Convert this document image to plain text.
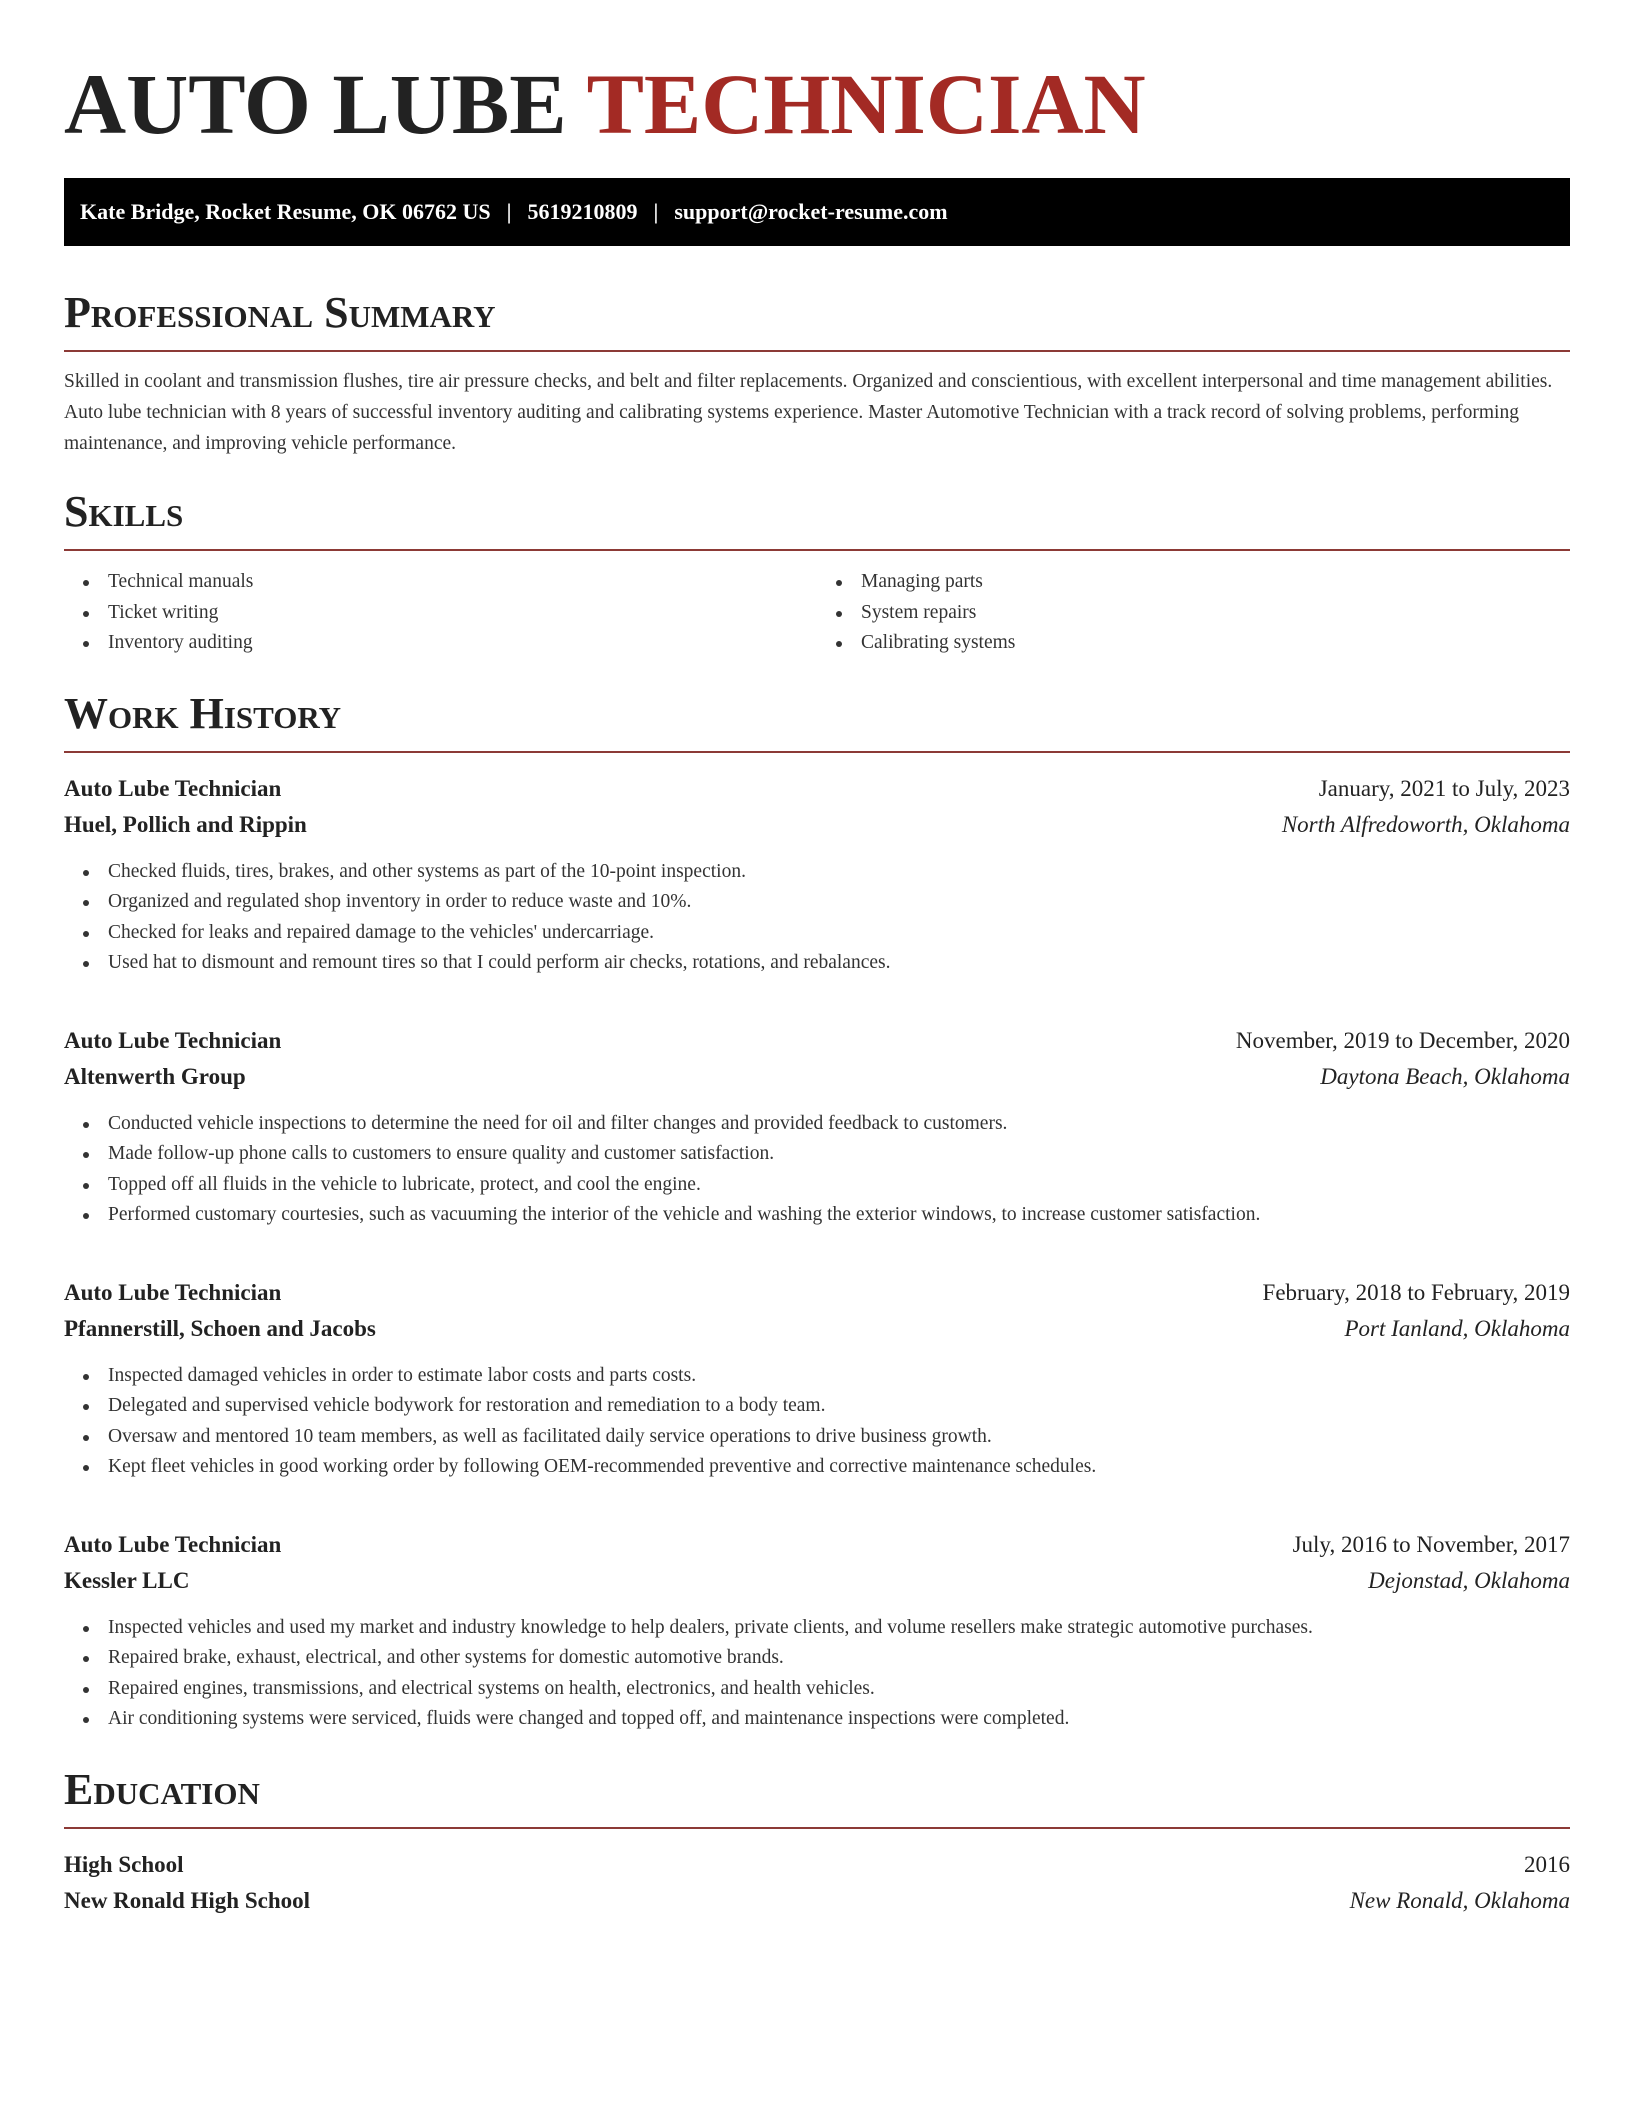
AUTO LUBE TECHNICIAN
Kate Bridge, Rocket Resume, OK 06762 US | 5619210809 | support@rocket-resume.com
Professional Summary

Skilled in coolant and transmission flushes, tire air pressure checks, and belt and filter replacements. Organized and conscientious, with excellent interpersonal and time management abilities. Auto lube technician with 8 years of successful inventory auditing and calibrating systems experience. Master Automotive Technician with a track record of solving problems, performing maintenance, and improving vehicle performance.

Skills
Technical manuals
Ticket writing
Inventory auditing
Managing parts
System repairs
Calibrating systems
Work History
Auto Lube Technician	January, 2021 to July, 2023
Huel, Pollich and Rippin	North Alfredoworth, Oklahoma
Checked fluids, tires, brakes, and other systems as part of the 10-point inspection.
Organized and regulated shop inventory in order to reduce waste and 10%.
Checked for leaks and repaired damage to the vehicles' undercarriage.
Used hat to dismount and remount tires so that I could perform air checks, rotations, and rebalances.
Auto Lube Technician	November, 2019 to December, 2020
Altenwerth Group	Daytona Beach, Oklahoma
Conducted vehicle inspections to determine the need for oil and filter changes and provided feedback to customers.
Made follow-up phone calls to customers to ensure quality and customer satisfaction.
Topped off all fluids in the vehicle to lubricate, protect, and cool the engine.
Performed customary courtesies, such as vacuuming the interior of the vehicle and washing the exterior windows, to increase customer satisfaction.
Auto Lube Technician	February, 2018 to February, 2019
Pfannerstill, Schoen and Jacobs	Port Ianland, Oklahoma
Inspected damaged vehicles in order to estimate labor costs and parts costs.
Delegated and supervised vehicle bodywork for restoration and remediation to a body team.
Oversaw and mentored 10 team members, as well as facilitated daily service operations to drive business growth.
Kept fleet vehicles in good working order by following OEM-recommended preventive and corrective maintenance schedules.
Auto Lube Technician	July, 2016 to November, 2017
Kessler LLC	Dejonstad, Oklahoma
Inspected vehicles and used my market and industry knowledge to help dealers, private clients, and volume resellers make strategic automotive purchases.
Repaired brake, exhaust, electrical, and other systems for domestic automotive brands.
Repaired engines, transmissions, and electrical systems on health, electronics, and health vehicles.
Air conditioning systems were serviced, fluids were changed and topped off, and maintenance inspections were completed.
Education
High School	2016
New Ronald High School	New Ronald, Oklahoma
